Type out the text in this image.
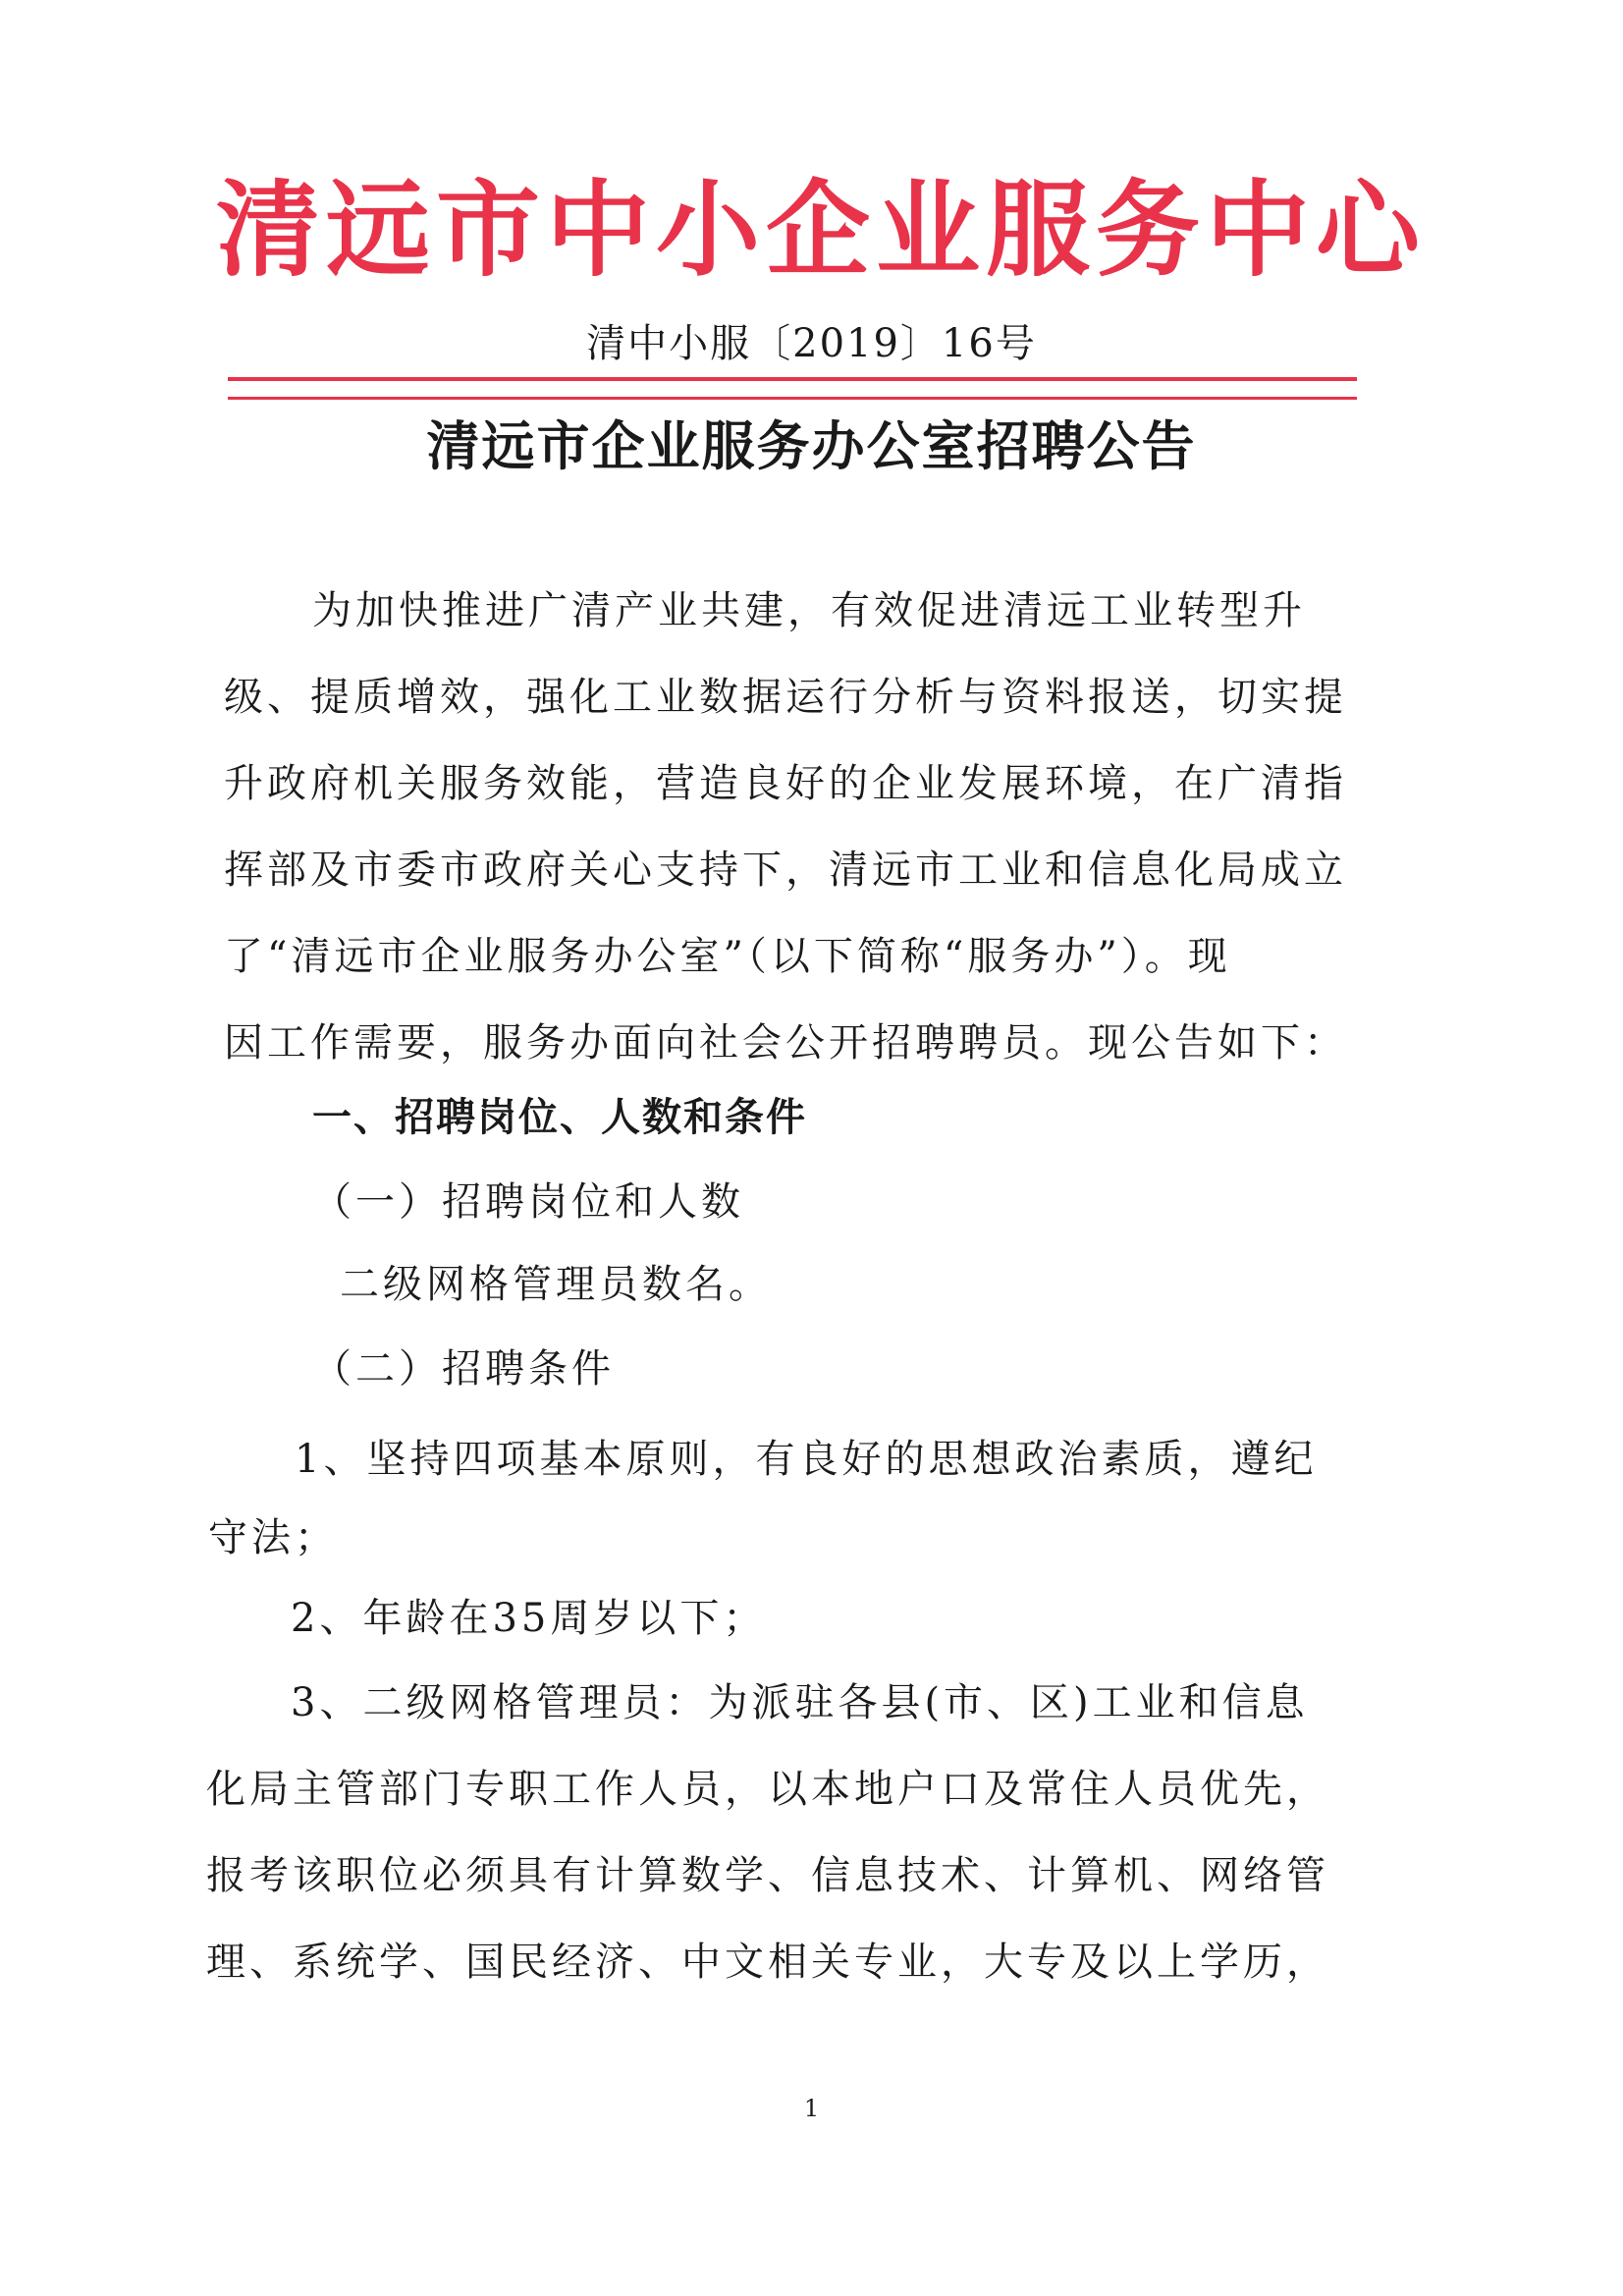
清远市中小企业服务中心
清中小服〔2019〕16号
清远市企业服务办公室招聘公告
为加快推进广清产业共建，有效促进清远工业转型升
级、提质增效，强化工业数据运行分析与资料报送，切实提
升政府机关服务效能，营造良好的企业发展环境，在广清指
挥部及市委市政府关心支持下，清远市工业和信息化局成立
了“清远市企业服务办公室”（以下简称“服务办”）。现
因工作需要，服务办面向社会公开招聘聘员。现公告如下：
一、招聘岗位、人数和条件
（一）招聘岗位和人数
二级网格管理员数名。
（二）招聘条件
1、坚持四项基本原则，有良好的思想政治素质，遵纪
守法；
2、年龄在35周岁以下；
3、二级网格管理员：为派驻各县(市、区)工业和信息
化局主管部门专职工作人员，以本地户口及常住人员优先，
报考该职位必须具有计算数学、信息技术、计算机、网络管
理、系统学、国民经济、中文相关专业，大专及以上学历，
1
